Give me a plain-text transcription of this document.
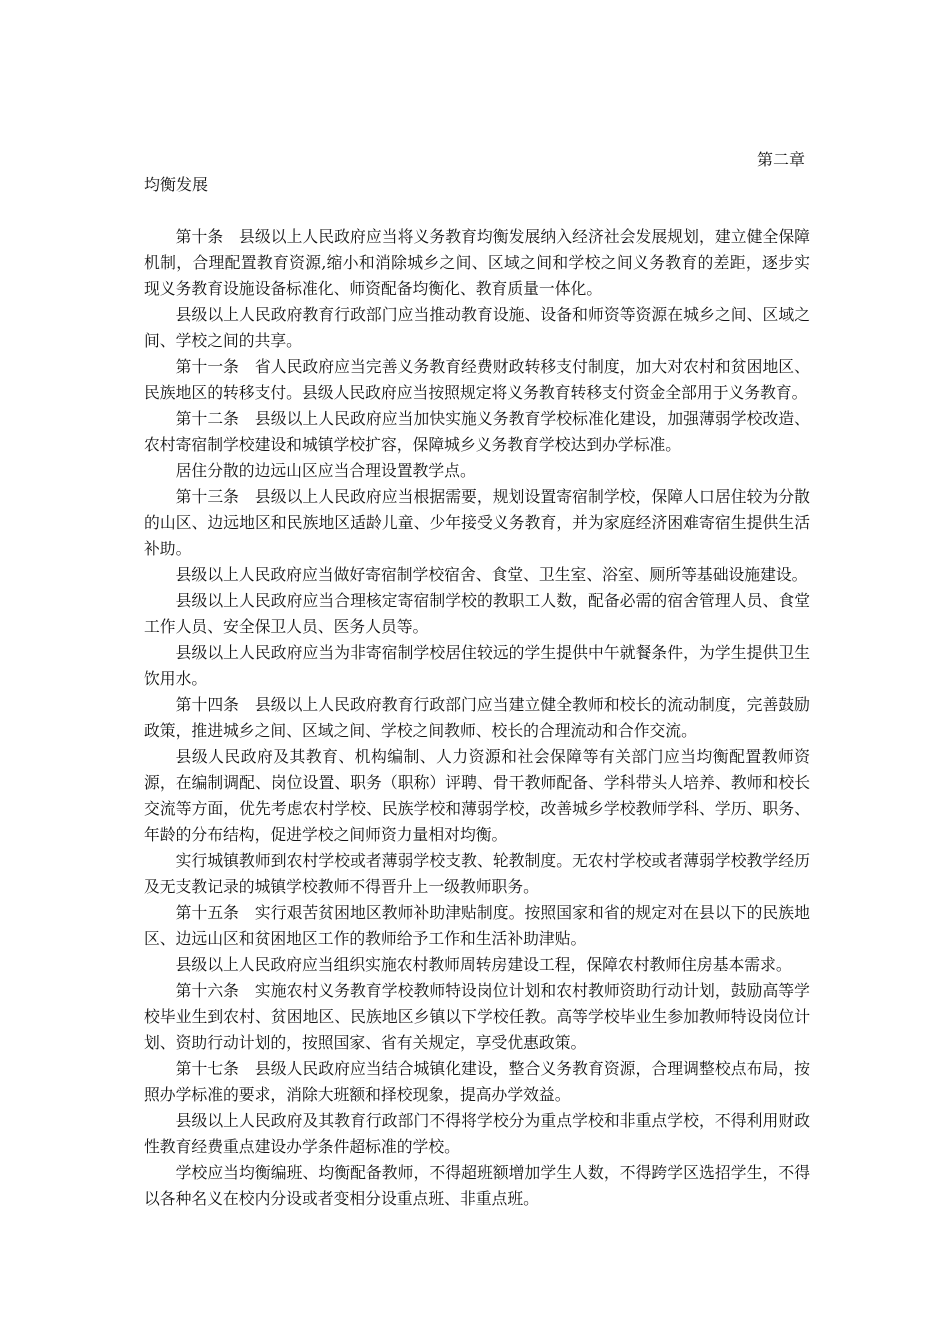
第二章

均衡发展

第十条 县级以上人民政府应当将义务教育均衡发展纳入经济社会发展规划，建立健全保障机制，合理配置教育资源,缩小和消除城乡之间、区域之间和学校之间义务教育的差距，逐步实现义务教育设施设备标准化、师资配备均衡化、教育质量一体化。

县级以上人民政府教育行政部门应当推动教育设施、设备和师资等资源在城乡之间、区域之间、学校之间的共享。

第十一条 省人民政府应当完善义务教育经费财政转移支付制度，加大对农村和贫困地区、民族地区的转移支付。县级人民政府应当按照规定将义务教育转移支付资金全部用于义务教育。

第十二条 县级以上人民政府应当加快实施义务教育学校标准化建设，加强薄弱学校改造、农村寄宿制学校建设和城镇学校扩容，保障城乡义务教育学校达到办学标准。

居住分散的边远山区应当合理设置教学点。

第十三条 县级以上人民政府应当根据需要，规划设置寄宿制学校，保障人口居住较为分散的山区、边远地区和民族地区适龄儿童、少年接受义务教育，并为家庭经济困难寄宿生提供生活补助。

县级以上人民政府应当做好寄宿制学校宿舍、食堂、卫生室、浴室、厕所等基础设施建设。

县级以上人民政府应当合理核定寄宿制学校的教职工人数，配备必需的宿舍管理人员、食堂工作人员、安全保卫人员、医务人员等。

县级以上人民政府应当为非寄宿制学校居住较远的学生提供中午就餐条件，为学生提供卫生饮用水。

第十四条 县级以上人民政府教育行政部门应当建立健全教师和校长的流动制度，完善鼓励政策，推进城乡之间、区域之间、学校之间教师、校长的合理流动和合作交流。

县级人民政府及其教育、机构编制、人力资源和社会保障等有关部门应当均衡配置教师资源，在编制调配、岗位设置、职务（职称）评聘、骨干教师配备、学科带头人培养、教师和校长交流等方面，优先考虑农村学校、民族学校和薄弱学校，改善城乡学校教师学科、学历、职务、年龄的分布结构，促进学校之间师资力量相对均衡。

实行城镇教师到农村学校或者薄弱学校支教、轮教制度。无农村学校或者薄弱学校教学经历及无支教记录的城镇学校教师不得晋升上一级教师职务。

第十五条 实行艰苦贫困地区教师补助津贴制度。按照国家和省的规定对在县以下的民族地区、边远山区和贫困地区工作的教师给予工作和生活补助津贴。

县级以上人民政府应当组织实施农村教师周转房建设工程，保障农村教师住房基本需求。

第十六条 实施农村义务教育学校教师特设岗位计划和农村教师资助行动计划，鼓励高等学校毕业生到农村、贫困地区、民族地区乡镇以下学校任教。高等学校毕业生参加教师特设岗位计划、资助行动计划的，按照国家、省有关规定，享受优惠政策。

第十七条 县级人民政府应当结合城镇化建设，整合义务教育资源，合理调整校点布局，按照办学标准的要求，消除大班额和择校现象，提高办学效益。

县级以上人民政府及其教育行政部门不得将学校分为重点学校和非重点学校，不得利用财政性教育经费重点建设办学条件超标准的学校。

学校应当均衡编班、均衡配备教师，不得超班额增加学生人数，不得跨学区选招学生，不得以各种名义在校内分设或者变相分设重点班、非重点班。
